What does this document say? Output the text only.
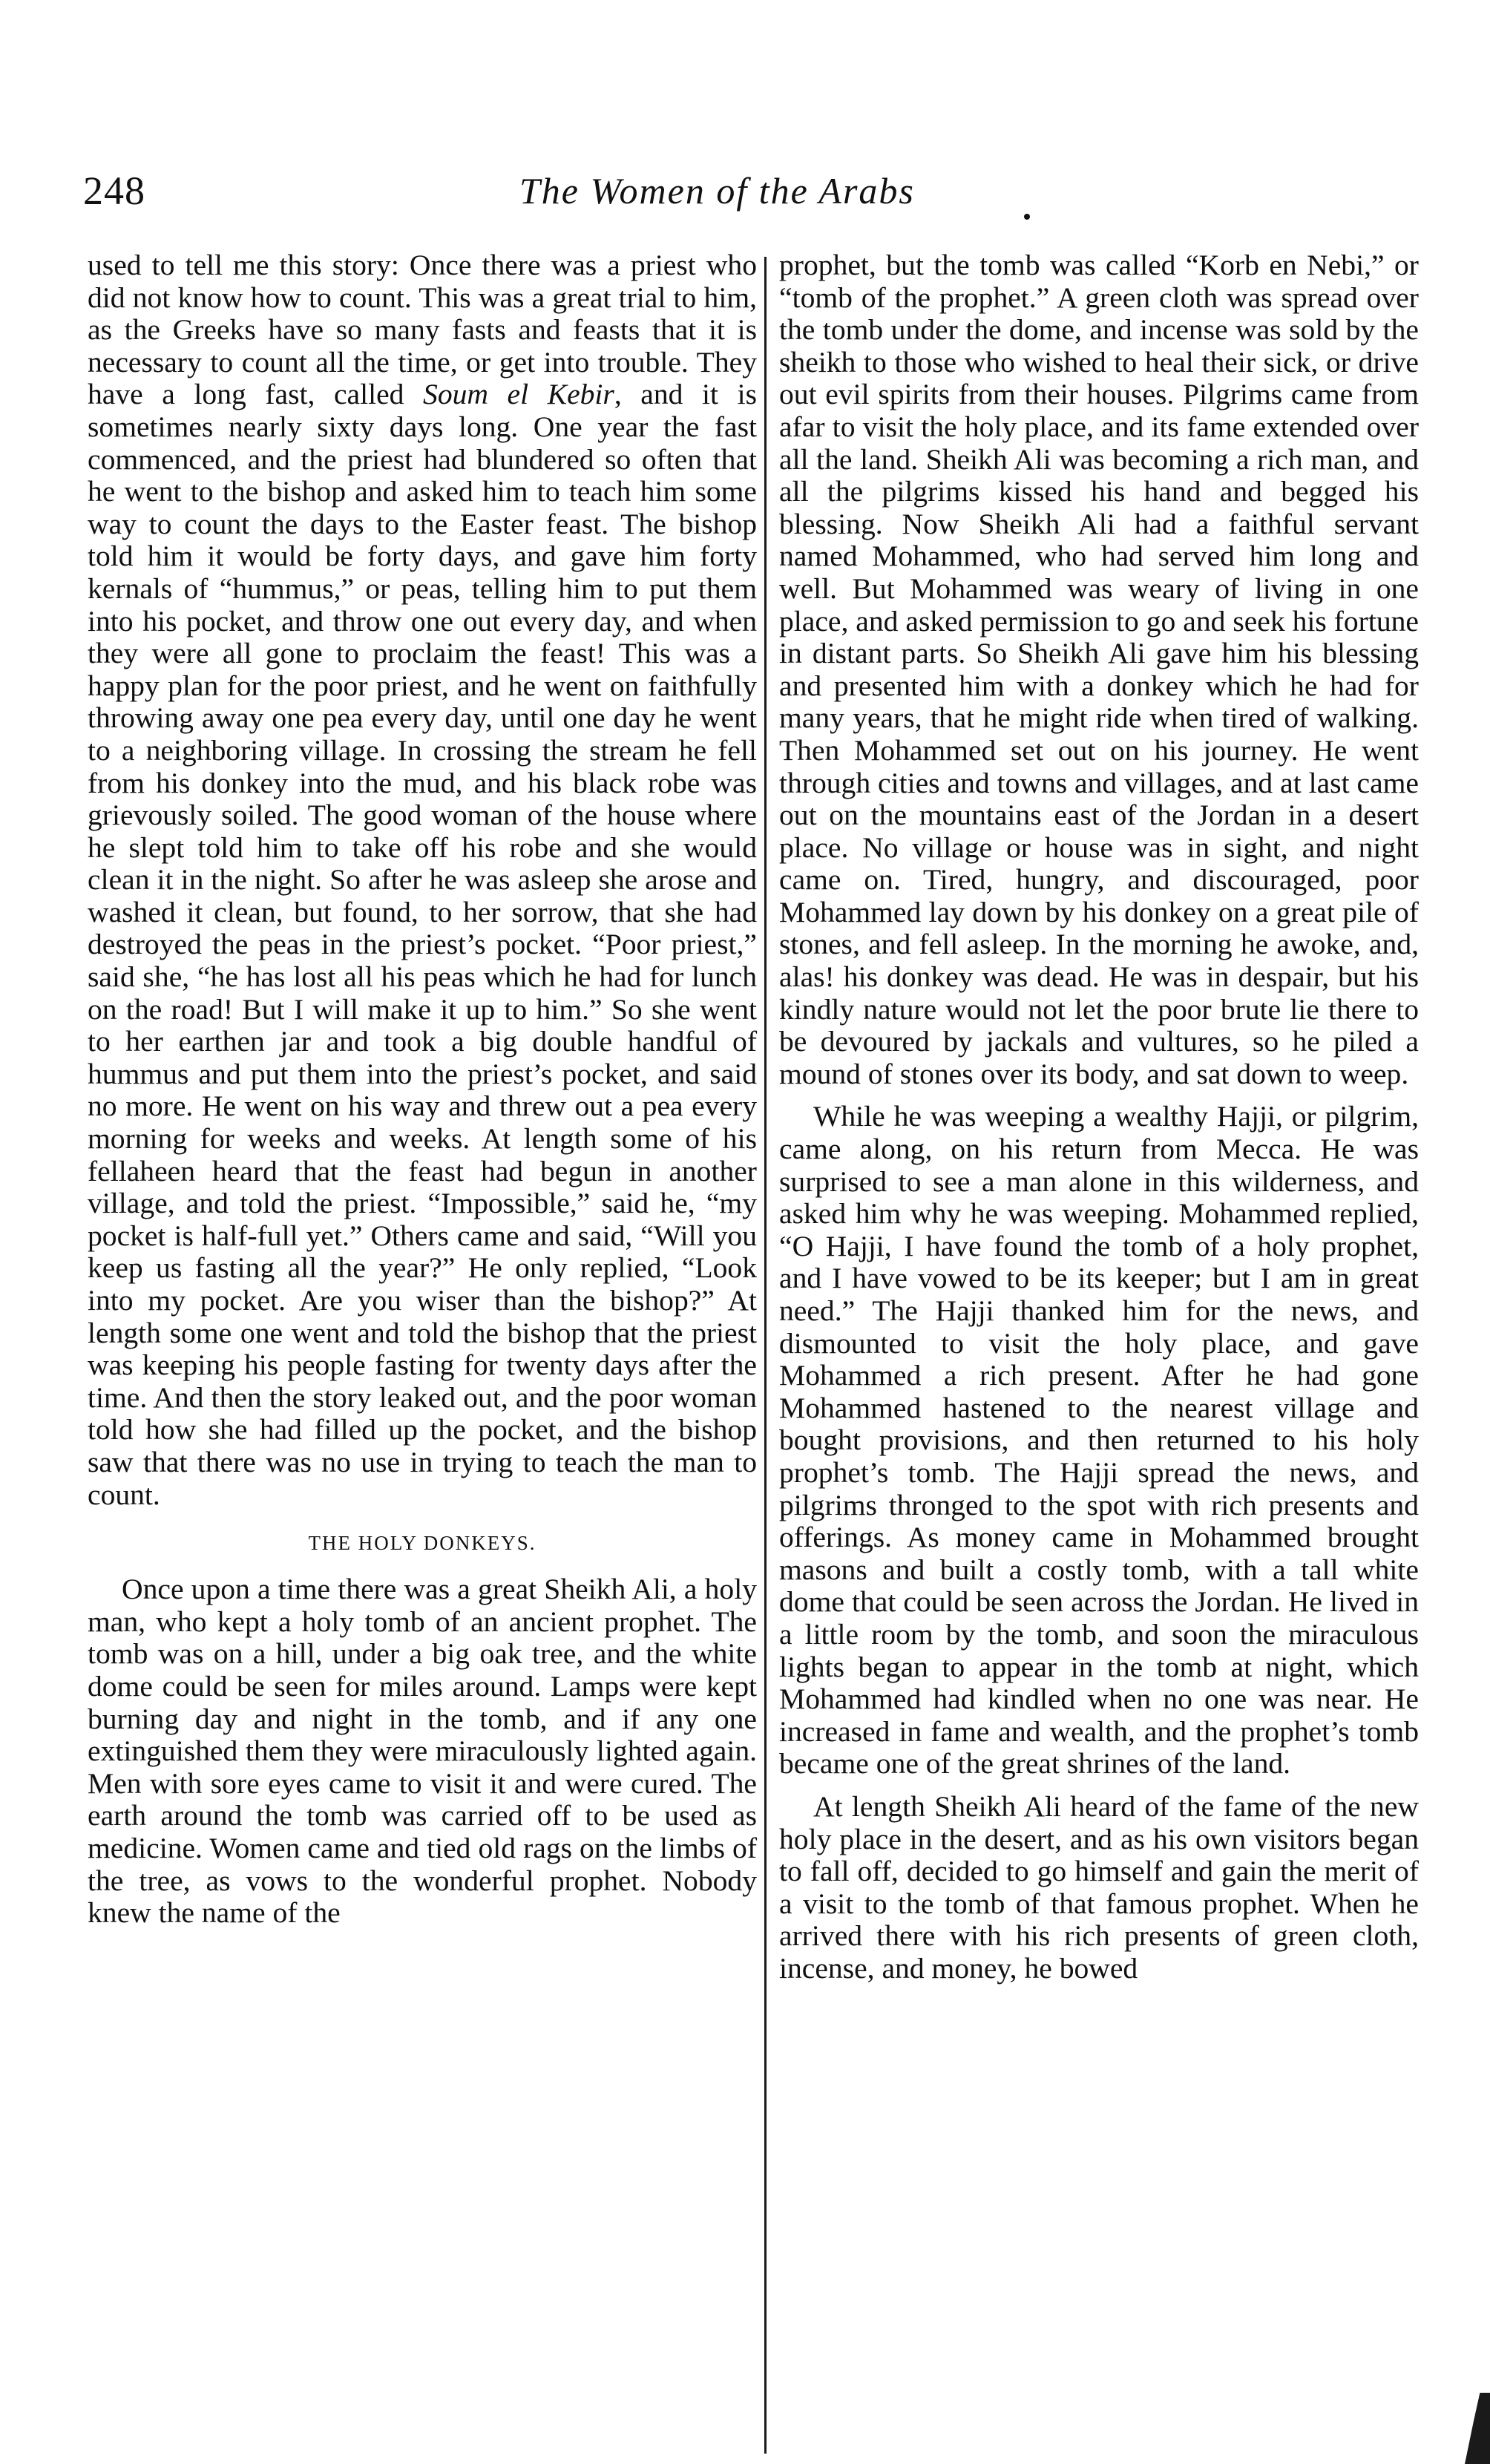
248	The Women of the Arabs

used to tell me this story: Once there was a priest who did not know how to count. This was a great trial to him, as the Greeks have so many fasts and feasts that it is necessary to count all the time, or get into trouble. They have a long fast, called Soum el Kebir, and it is sometimes nearly sixty days long. One year the fast commenced, and the priest had blundered so often that he went to the bishop and asked him to teach him some way to count the days to the Easter feast. The bishop told him it would be forty days, and gave him forty kernals of “hummus,” or peas, telling him to put them into his pocket, and throw one out every day, and when they were all gone to proclaim the feast! This was a happy plan for the poor priest, and he went on faithfully throwing away one pea every day, until one day he went to a neighboring village. In crossing the stream he fell from his donkey into the mud, and his black robe was grievously soiled. The good woman of the house where he slept told him to take off his robe and she would clean it in the night. So after he was asleep she arose and washed it clean, but found, to her sorrow, that she had destroyed the peas in the priest’s pocket. “Poor priest,” said she, “he has lost all his peas which he had for lunch on the road! But I will make it up to him.” So she went to her earthen jar and took a big double handful of hummus and put them into the priest’s pocket, and said no more. He went on his way and threw out a pea every morning for weeks and weeks. At length some of his fellaheen heard that the feast had begun in another village, and told the priest. “Impossible,” said he, “my pocket is half-full yet.” Others came and said, “Will you keep us fasting all the year?” He only replied, “Look into my pocket. Are you wiser than the bishop?” At length some one went and told the bishop that the priest was keeping his people fasting for twenty days after the time. And then the story leaked out, and the poor woman told how she had filled up the pocket, and the bishop saw that there was no use in trying to teach the man to count.

THE HOLY DONKEYS.

Once upon a time there was a great Sheikh Ali, a holy man, who kept a holy tomb of an ancient prophet. The tomb was on a hill, under a big oak tree, and the white dome could be seen for miles around. Lamps were kept burning day and night in the tomb, and if any one extinguished them they were miraculously lighted again. Men with sore eyes came to visit it and were cured. The earth around the tomb was carried off to be used as medicine. Women came and tied old rags on the limbs of the tree, as vows to the wonderful prophet. Nobody knew the name of the

prophet, but the tomb was called “Korb en Nebi,” or “tomb of the prophet.” A green cloth was spread over the tomb under the dome, and incense was sold by the sheikh to those who wished to heal their sick, or drive out evil spirits from their houses. Pilgrims came from afar to visit the holy place, and its fame extended over all the land. Sheikh Ali was becoming a rich man, and all the pilgrims kissed his hand and begged his blessing. Now Sheikh Ali had a faithful servant named Mohammed, who had served him long and well. But Mohammed was weary of living in one place, and asked permission to go and seek his fortune in distant parts. So Sheikh Ali gave him his blessing and presented him with a donkey which he had for many years, that he might ride when tired of walking. Then Mohammed set out on his journey. He went through cities and towns and villages, and at last came out on the mountains east of the Jordan in a desert place. No village or house was in sight, and night came on. Tired, hungry, and discouraged, poor Mohammed lay down by his donkey on a great pile of stones, and fell asleep. In the morning he awoke, and, alas! his donkey was dead. He was in despair, but his kindly nature would not let the poor brute lie there to be devoured by jackals and vultures, so he piled a mound of stones over its body, and sat down to weep.

While he was weeping a wealthy Hajji, or pilgrim, came along, on his return from Mecca. He was surprised to see a man alone in this wilderness, and asked him why he was weeping. Mohammed replied, “O Hajji, I have found the tomb of a holy prophet, and I have vowed to be its keeper; but I am in great need.” The Hajji thanked him for the news, and dismounted to visit the holy place, and gave Mohammed a rich present. After he had gone Mohammed hastened to the nearest village and bought provisions, and then returned to his holy prophet’s tomb. The Hajji spread the news, and pilgrims thronged to the spot with rich presents and offerings. As money came in Mohammed brought masons and built a costly tomb, with a tall white dome that could be seen across the Jordan. He lived in a little room by the tomb, and soon the miraculous lights began to appear in the tomb at night, which Mohammed had kindled when no one was near. He increased in fame and wealth, and the prophet’s tomb became one of the great shrines of the land.

At length Sheikh Ali heard of the fame of the new holy place in the desert, and as his own visitors began to fall off, decided to go himself and gain the merit of a visit to the tomb of that famous prophet. When he arrived there with his rich presents of green cloth, incense, and money, he bowed
